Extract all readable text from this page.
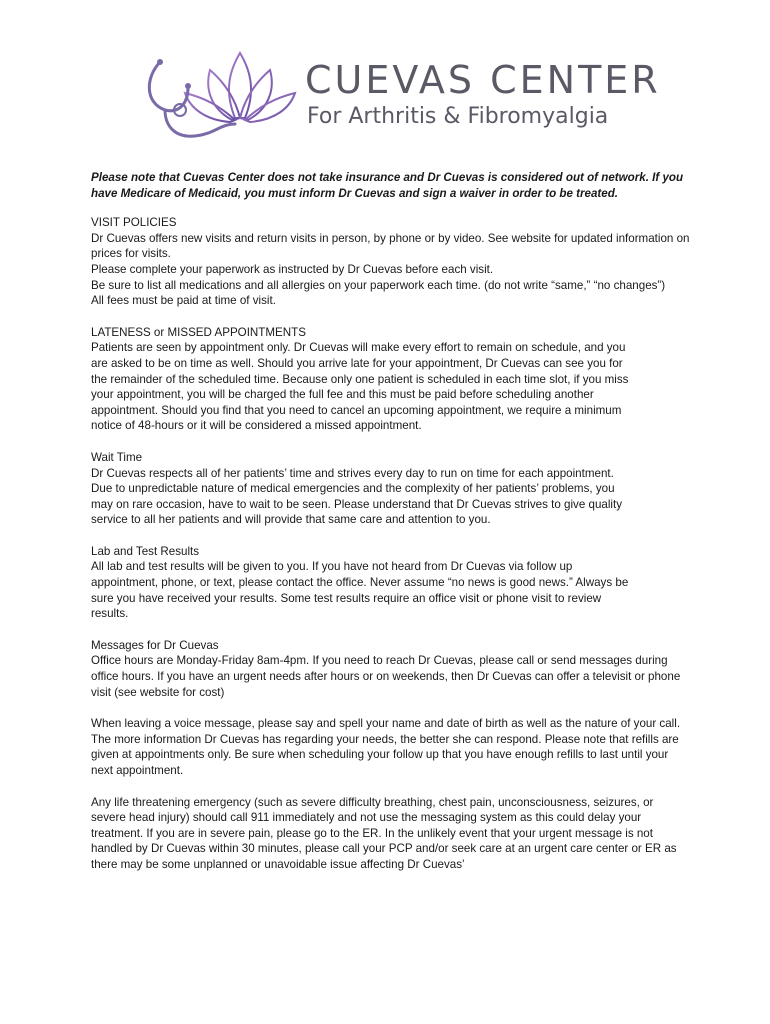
CUEVAS CENTER
For Arthritis & Fibromyalgia

Please note that Cuevas Center does not take insurance and Dr Cuevas is considered out of network. If you have Medicare of Medicaid, you must inform Dr Cuevas and sign a waiver in order to be treated.

VISIT POLICIES

Dr Cuevas offers new visits and return visits in person, by phone or by video. See website for updated information on prices for visits.

Please complete your paperwork as instructed by Dr Cuevas before each visit.

Be sure to list all medications and all allergies on your paperwork each time. (do not write “same,” “no changes”)

All fees must be paid at time of visit.

LATENESS or MISSED APPOINTMENTS

Patients are seen by appointment only. Dr Cuevas will make every effort to remain on schedule, and you are asked to be on time as well. Should you arrive late for your appointment, Dr Cuevas can see you for the remainder of the scheduled time. Because only one patient is scheduled in each time slot, if you miss your appointment, you will be charged the full fee and this must be paid before scheduling another appointment. Should you find that you need to cancel an upcoming appointment, we require a minimum notice of 48-hours or it will be considered a missed appointment.

Wait Time

Dr Cuevas respects all of her patients’ time and strives every day to run on time for each appointment. Due to unpredictable nature of medical emergencies and the complexity of her patients’ problems, you may on rare occasion, have to wait to be seen. Please understand that Dr Cuevas strives to give quality service to all her patients and will provide that same care and attention to you.

Lab and Test Results

All lab and test results will be given to you. If you have not heard from Dr Cuevas via follow up appointment, phone, or text, please contact the office. Never assume “no news is good news.” Always be sure you have received your results. Some test results require an office visit or phone visit to review results.

Messages for Dr Cuevas

Office hours are Monday-Friday 8am-4pm. If you need to reach Dr Cuevas, please call or send messages during office hours. If you have an urgent needs after hours or on weekends, then Dr Cuevas can offer a televisit or phone visit (see website for cost)

When leaving a voice message, please say and spell your name and date of birth as well as the nature of your call. The more information Dr Cuevas has regarding your needs, the better she can respond. Please note that refills are given at appointments only. Be sure when scheduling your follow up that you have enough refills to last until your next appointment.

Any life threatening emergency (such as severe difficulty breathing, chest pain, unconsciousness, seizures, or severe head injury) should call 911 immediately and not use the messaging system as this could delay your treatment. If you are in severe pain, please go to the ER. In the unlikely event that your urgent message is not handled by Dr Cuevas within 30 minutes, please call your PCP and/or seek care at an urgent care center or ER as there may be some unplanned or unavoidable issue affecting Dr Cuevas’
